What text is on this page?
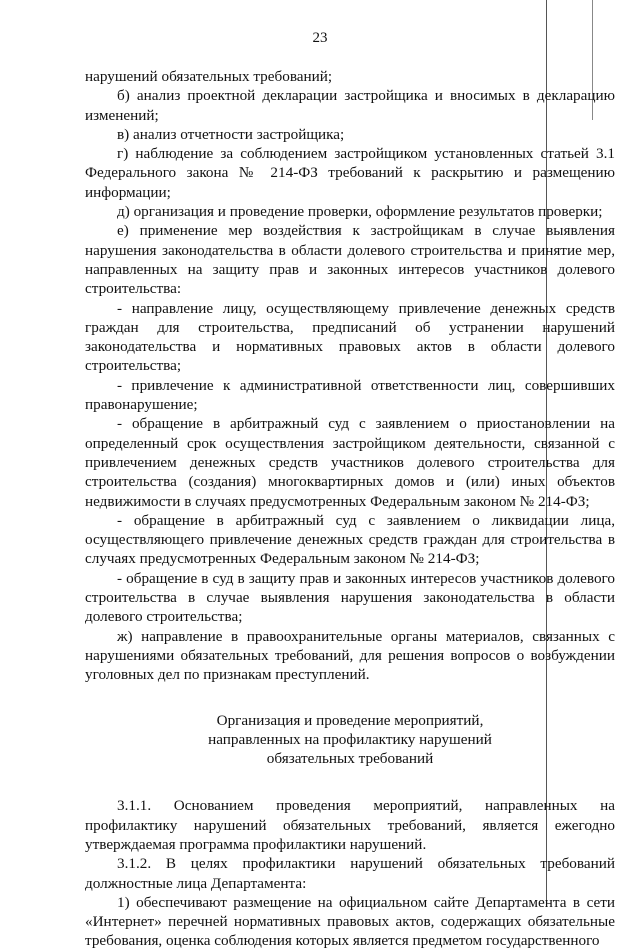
23

нарушений обязательных требований;

б) анализ проектной декларации застройщика и вносимых в декларацию изменений;

в) анализ отчетности застройщика;

г) наблюдение за соблюдением застройщиком установленных статьей 3.1 Федерального закона № 214-ФЗ требований к раскрытию и размещению информации;

д) организация и проведение проверки, оформление результатов проверки;

е) применение мер воздействия к застройщикам в случае выявления нарушения законодательства в области долевого строительства и принятие мер, направленных на защиту прав и законных интересов участников долевого строительства:

- направление лицу, осуществляющему привлечение денежных средств граждан для строительства, предписаний об устранении нарушений законодательства и нормативных правовых актов в области долевого строительства;

- привлечение к административной ответственности лиц, совершивших правонарушение;

- обращение в арбитражный суд с заявлением о приостановлении на определенный срок осуществления застройщиком деятельности, связанной с привлечением денежных средств участников долевого строительства для строительства (создания) многоквартирных домов и (или) иных объектов недвижимости в случаях предусмотренных Федеральным законом № 214-ФЗ;

- обращение в арбитражный суд с заявлением о ликвидации лица, осуществляющего привлечение денежных средств граждан для строительства в случаях предусмотренных Федеральным законом № 214-ФЗ;

- обращение в суд в защиту прав и законных интересов участников долевого строительства в случае выявления нарушения законодательства в области долевого строительства;

ж) направление в правоохранительные органы материалов, связанных с нарушениями обязательных требований, для решения вопросов о возбуждении уголовных дел по признакам преступлений.

Организация и проведение мероприятий,
направленных на профилактику нарушений
обязательных требований

3.1.1. Основанием проведения мероприятий, направленных на профилактику нарушений обязательных требований, является ежегодно утверждаемая программа профилактики нарушений.

3.1.2. В целях профилактики нарушений обязательных требований должностные лица Департамента:

1) обеспечивают размещение на официальном сайте Департамента в сети «Интернет» перечней нормативных правовых актов, содержащих обязательные требования, оценка соблюдения которых является предметом государственного
